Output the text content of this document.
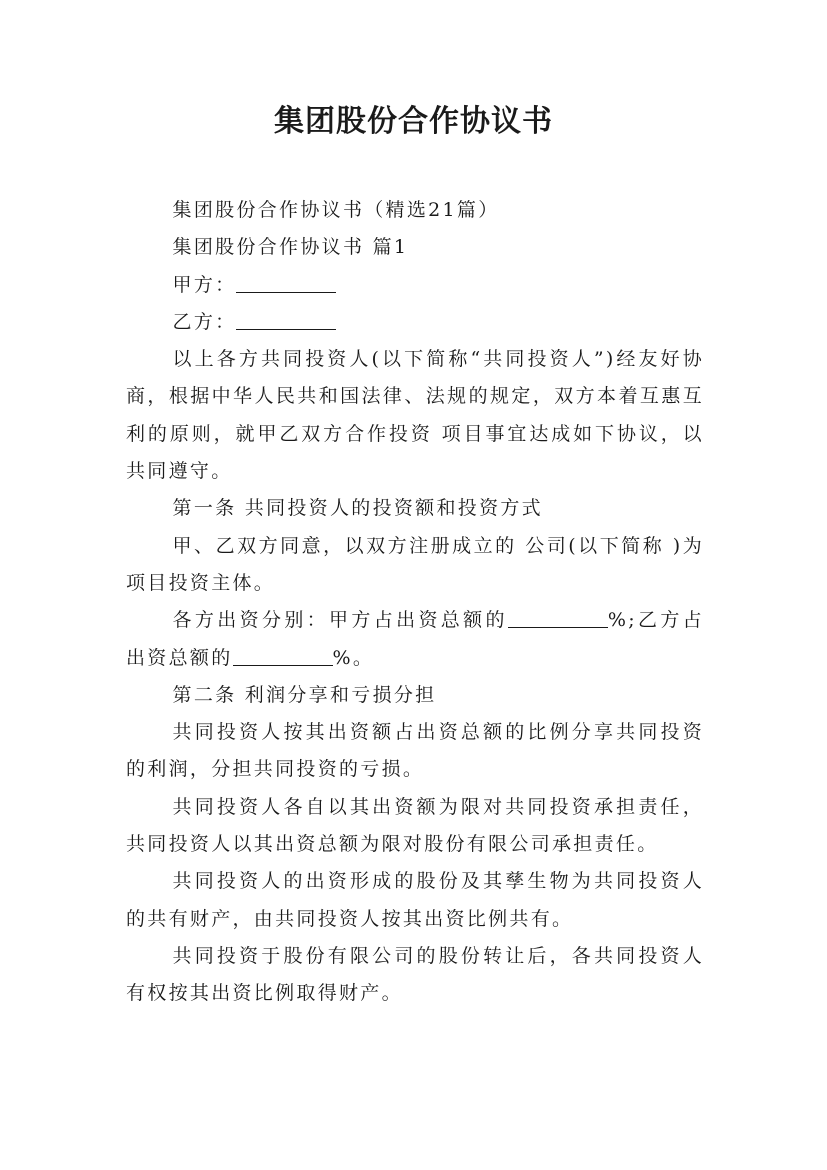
集团股份合作协议书

集团股份合作协议书（精选21篇）

集团股份合作协议书 篇1

甲方：

乙方：

以上各方共同投资人(以下简称“共同投资人”)经友好协商，根据中华人民共和国法律、法规的规定，双方本着互惠互利的原则，就甲乙双方合作投资 项目事宜达成如下协议，以共同遵守。

第一条 共同投资人的投资额和投资方式

甲、乙双方同意，以双方注册成立的 公司(以下简称 )为项目投资主体。

各方出资分别：甲方占出资总额的	%;乙方占出资总额的	%。

第二条 利润分享和亏损分担

共同投资人按其出资额占出资总额的比例分享共同投资的利润，分担共同投资的亏损。

共同投资人各自以其出资额为限对共同投资承担责任，共同投资人以其出资总额为限对股份有限公司承担责任。

共同投资人的出资形成的股份及其孳生物为共同投资人的共有财产，由共同投资人按其出资比例共有。

共同投资于股份有限公司的股份转让后，各共同投资人有权按其出资比例取得财产。
